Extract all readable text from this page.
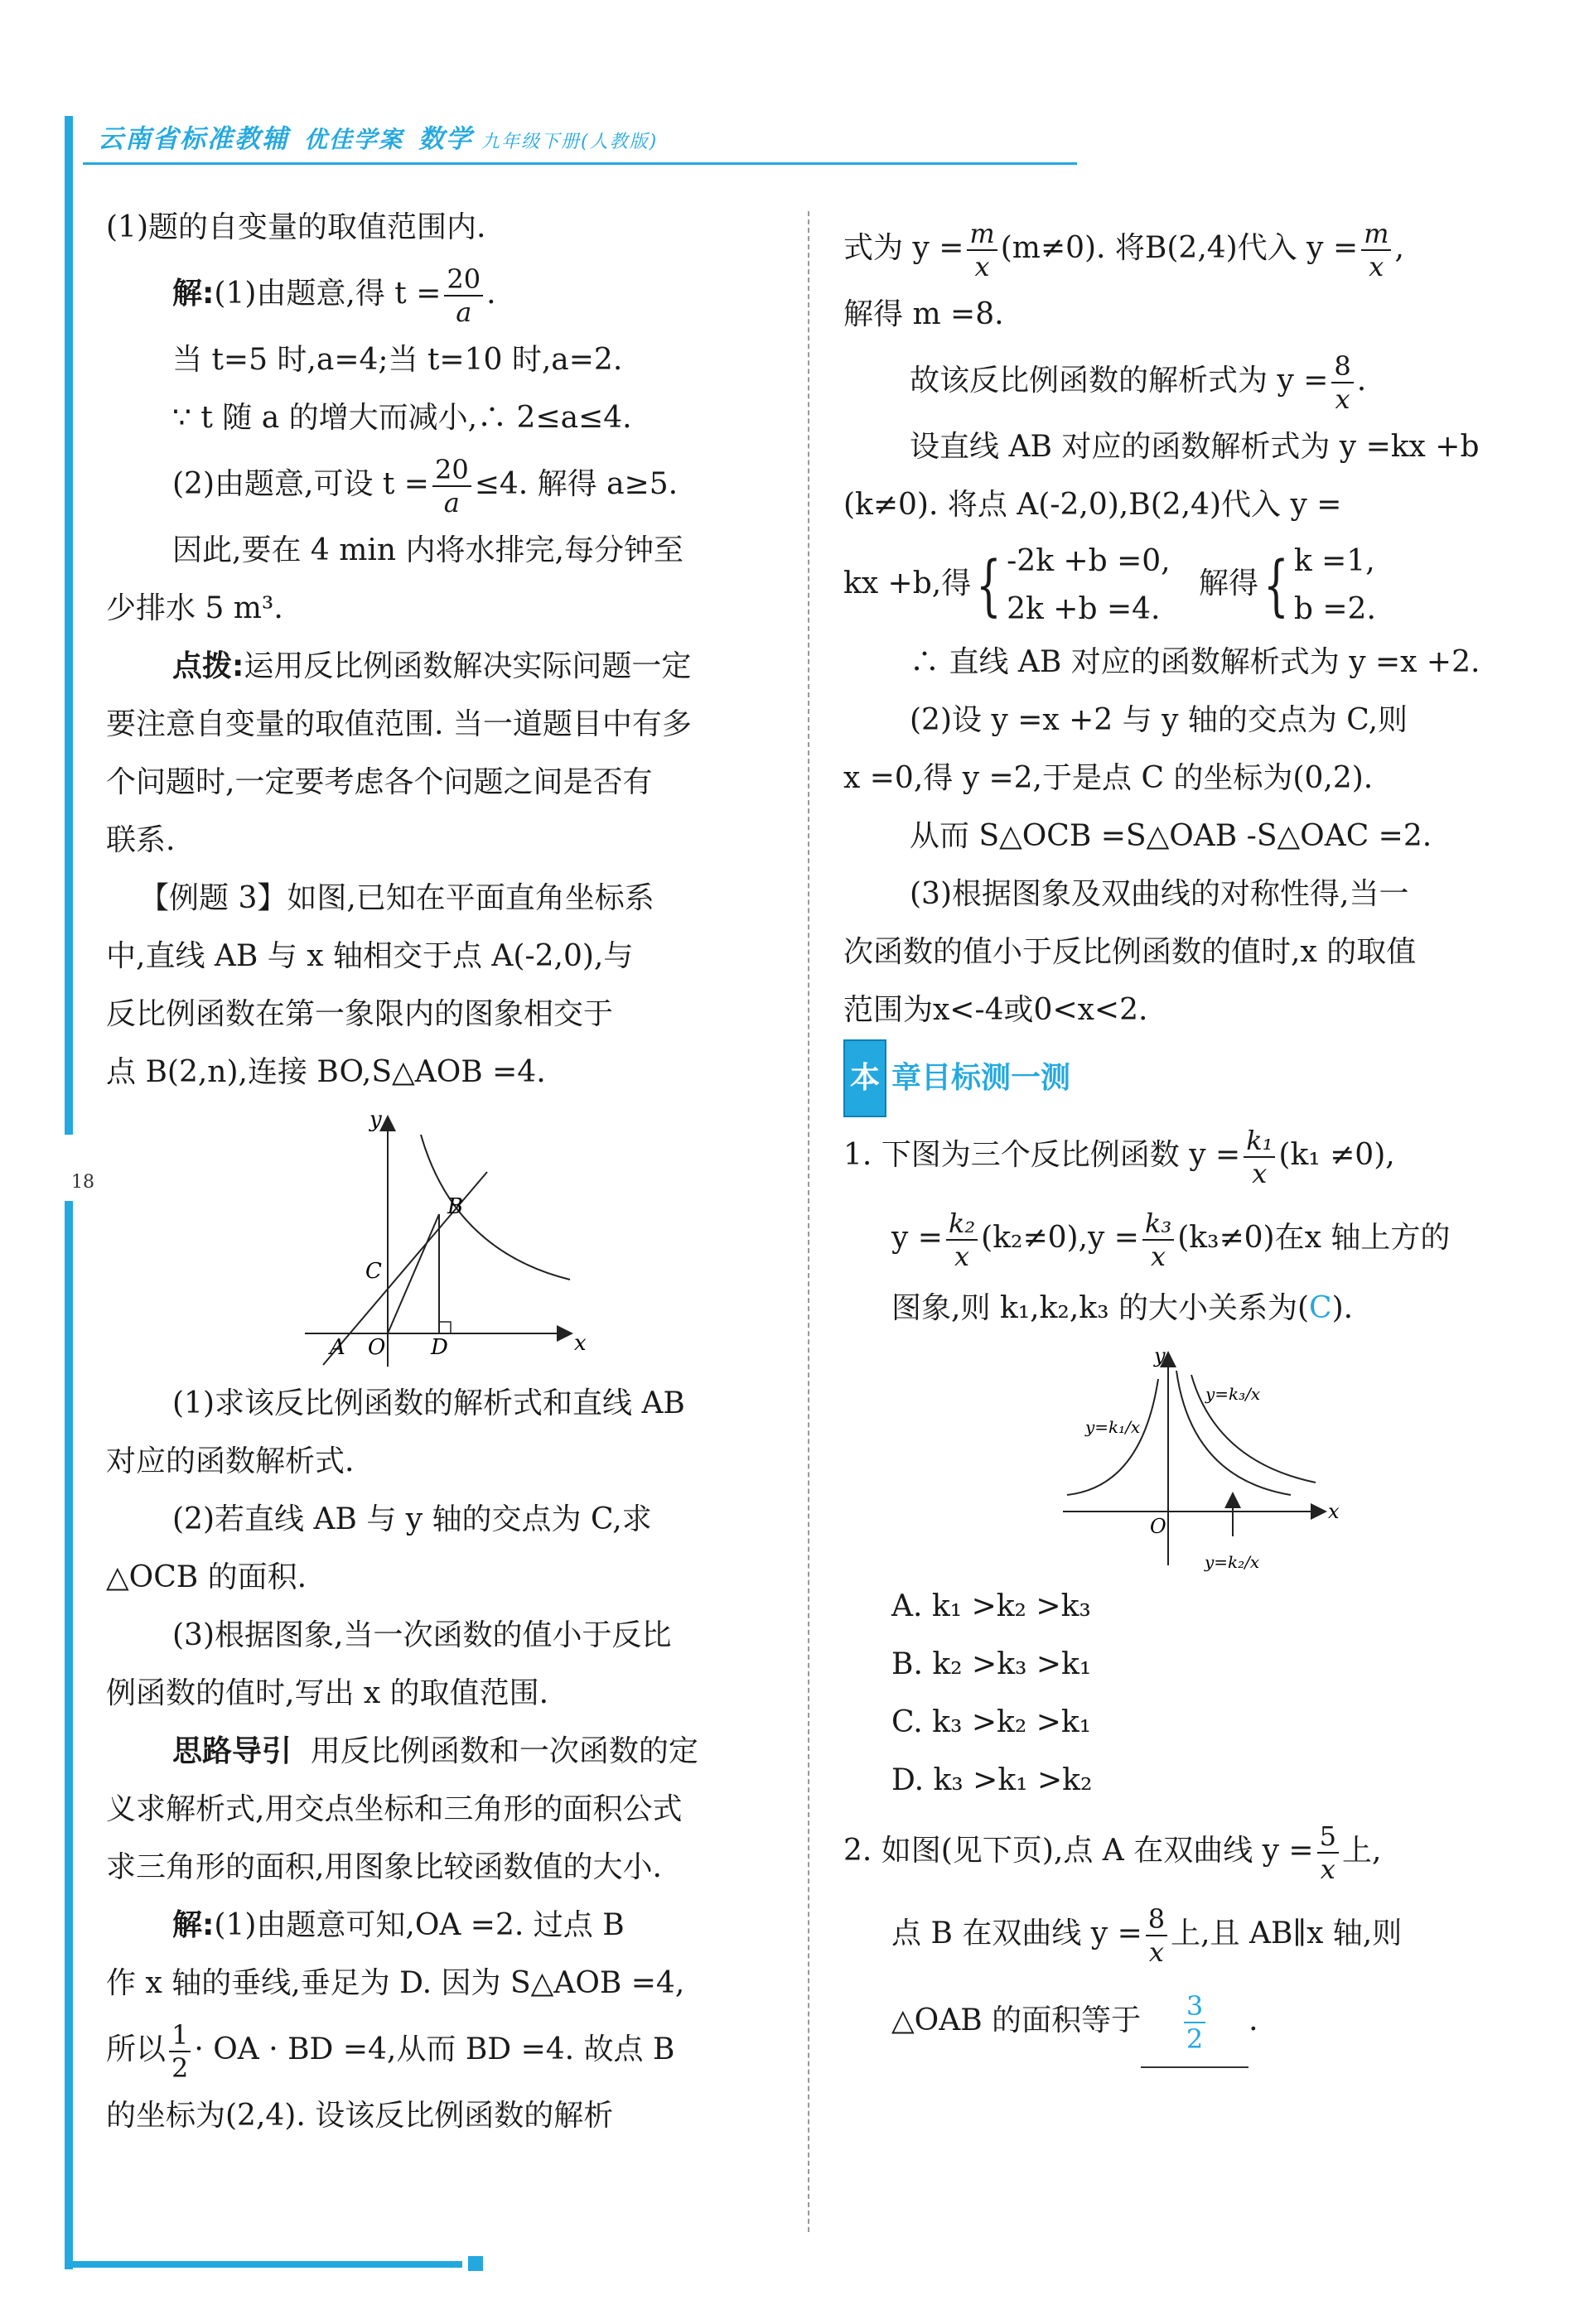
云南省标准教辅 优佳学案 数学 九年级下册(人教版)
18

(1)题的自变量的取值范围内.

解:(1)由题意,得 $t = \frac{20}{a}$ .

当 t=5 时,a=4;当 t=10 时,a=2.

∵ t 随 a 的增大而减小,∴ 2≤a≤4.

(2)由题意,可设 $t = \frac{20}{a} \le 4$. 解得 a≥5.

因此,要在 4 min 内将水排完,每分钟至

少排水 5 m³.

点拨:运用反比例函数解决实际问题一定

要注意自变量的取值范围. 当一道题目中有多

个问题时,一定要考虑各个问题之间是否有

联系.

【例题 3】如图,已知在平面直角坐标系

中,直线 AB 与 x 轴相交于点 A(-2,0),与

反比例函数在第一象限内的图象相交于

点 B(2,n),连接 BO,S△AOB =4.

y
x
B
C
A O D

(1)求该反比例函数的解析式和直线 AB

对应的函数解析式.

(2)若直线 AB 与 y 轴的交点为 C,求

△OCB 的面积.

(3)根据图象,当一次函数的值小于反比

例函数的值时,写出 x 的取值范围.

思路导引 用反比例函数和一次函数的定

义求解析式,用交点坐标和三角形的面积公式

求三角形的面积,用图象比较函数值的大小.

解:(1)由题意可知,OA =2. 过点 B

作 x 轴的垂线,垂足为 D. 因为 S△AOB =4,

所以 $\frac{1}{2}$ · OA · BD =4,从而 BD =4. 故点 B

的坐标为(2,4). 设该反比例函数的解析

式为 $y = \frac{m}{x} (m\ne 0)$. 将B(2,4)代入 $y = \frac{m}{x}$ ,

解得 m =8.

故该反比例函数的解析式为 $y = \frac{8}{x}$ .

设直线 AB 对应的函数解析式为 y =kx +b

(k≠0). 将点 A(-2,0),B(2,4)代入 y =

kx +b,得{ -2k +b =0,
2k +b =4.
解得{ k =1,
b =2.

∴ 直线 AB 对应的函数解析式为 y =x +2.

(2)设 y =x +2 与 y 轴的交点为 C,则

x =0,得 y =2,于是点 C 的坐标为(0,2).

从而 S△OCB =S△OAB -S△OAC =2.

(3)根据图象及双曲线的对称性得,当一

次函数的值小于反比例函数的值时,x 的取值

范围为x<-4或0<x<2.

本 章目标测一测

1. 下图为三个反比例函数 $y = \frac{\text{k₁}}{x} (k_1 \ne 0)$,

$y = \frac{\text{k₂}}{x} (k_2\ne 0),y = \frac{\text{k₃}}{x} (k_3\ne 0)$在x 轴上方的

图象,则 k₁,k₂,k₃ 的大小关系为(C).

y
x
O
y=k₁/x
y=k₂/x
y=k₃/x

A. k₁ >k₂ >k₃

B. k₂ >k₃ >k₁

C. k₃ >k₂ >k₁

D. k₃ >k₁ >k₂

2. 如图(见下页),点 A 在双曲线 $y = \frac{5}{x}$ 上,

点 B 在双曲线 $y = \frac{8}{x}$ 上,且 AB∥x 轴,则

△OAB 的面积等于 $\frac{3}{2}$ .
